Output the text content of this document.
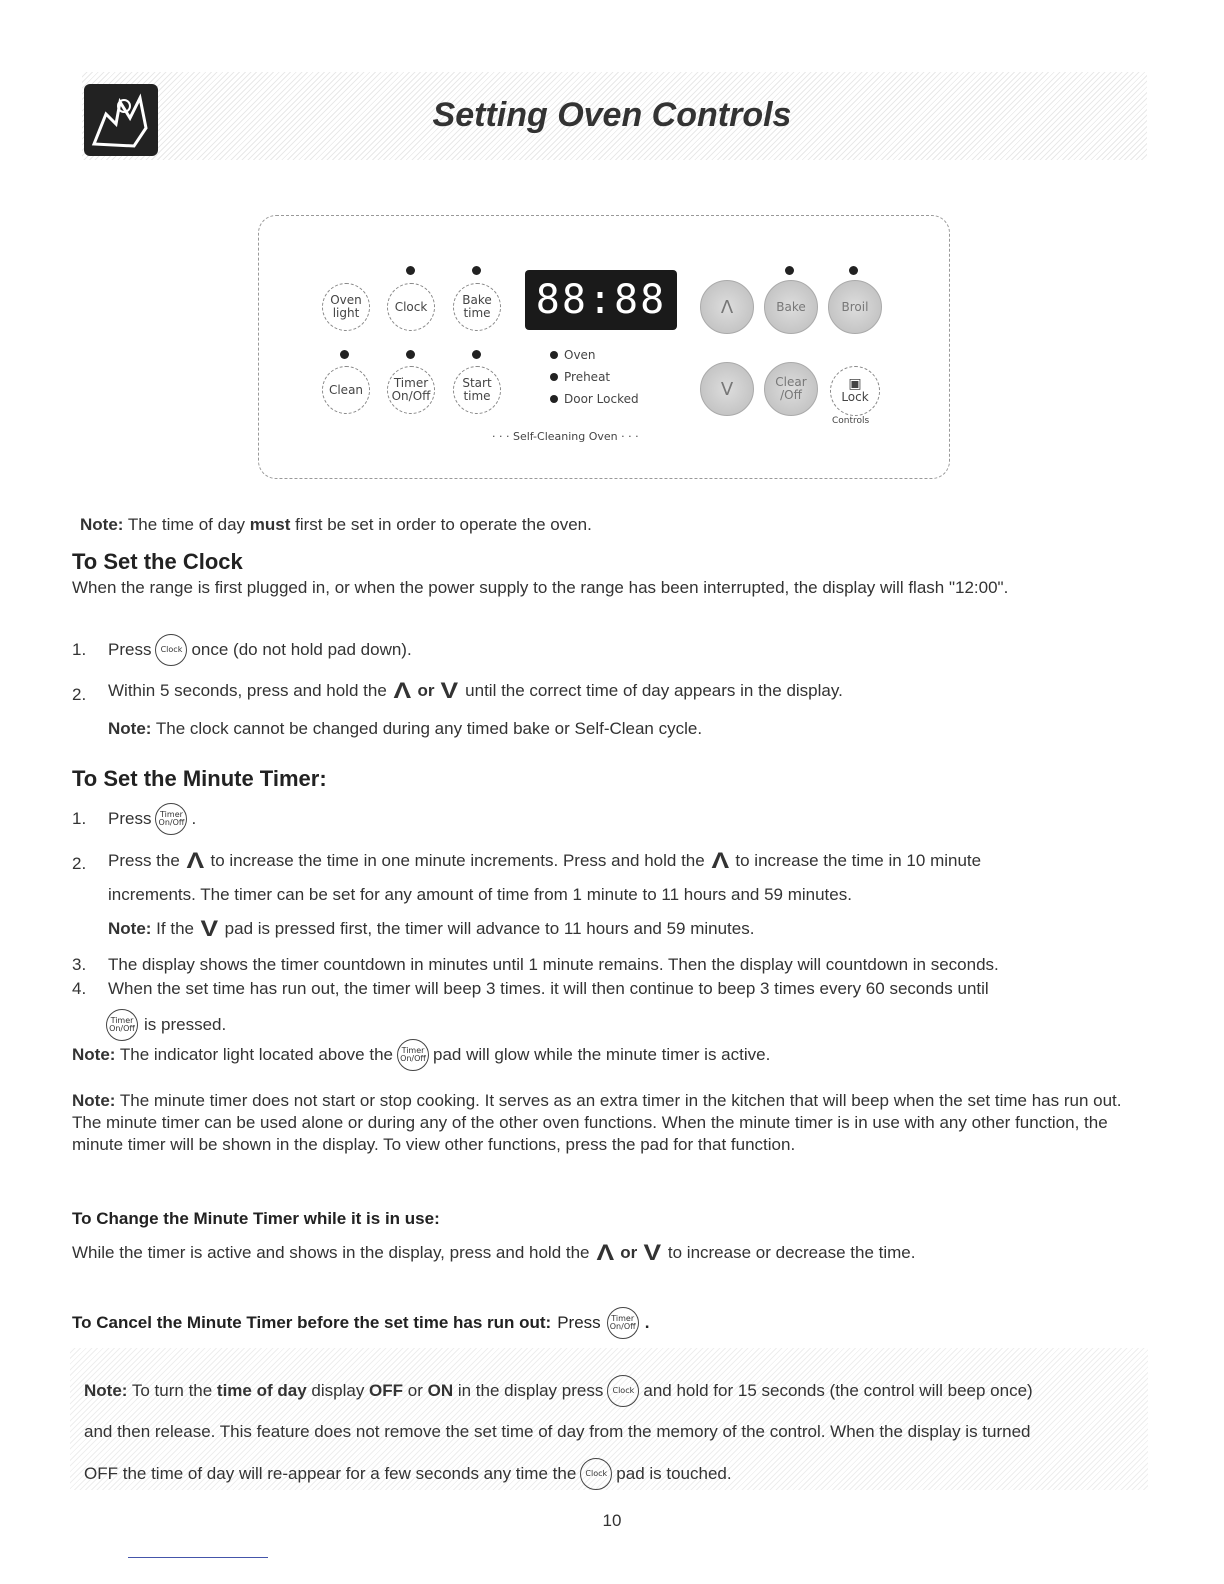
Setting Oven Controls
Oven light	Clock	Bake time
Clean	Timer On/Off
Start time
88:88
Oven
Preheat
Door Locked
· · · Self-Cleaning Oven · · ·
Λ	Bake	Broil
V	Clear /Off
▣
Lock
Controls
Note: The time of day must first be set in order to operate the oven.
To Set the Clock
When the range is first plugged in, or when the power supply to the range has been interrupted, the display will flash "12:00".
1. Press	Clock once (do not hold pad down).
2. Within 5 seconds, press and hold the Λ or V until the correct time of day appears in the display.
Note: The clock cannot be changed during any timed bake or Self-Clean cycle.
To Set the Minute Timer:
1. Press	Timer On/Off .
2. Press the Λ to increase the time in one minute increments. Press and hold the Λ to increase the time in 10 minute
increments. The timer can be set for any amount of time from 1 minute to 11 hours and 59 minutes.
Note: If the V pad is pressed first, the timer will advance to 11 hours and 59 minutes.
3. The display shows the timer countdown in minutes until 1 minute remains. Then the display will countdown in seconds.
4. When the set time has run out, the timer will beep 3 times. it will then continue to beep 3 times every 60 seconds until
Timer On/Off is pressed.
Note: The indicator light located above the	Timer On/Off pad will glow while the minute timer is active.
Note: The minute timer does not start or stop cooking. It serves as an extra timer in the kitchen that will beep when the set time has run out. The minute timer can be used alone or during any of the other oven functions. When the minute timer is in use with any other function, the minute timer will be shown in the display. To view other functions, press the pad for that function.
To Change the Minute Timer while it is in use:
While the timer is active and shows in the display, press and hold the Λ or V to increase or decrease the time.
To Cancel the Minute Timer before the set time has run out: Press	Timer On/Off .
Note: To turn the time of day display OFF or ON in the display press	Clock and hold for 15 seconds (the control will beep once)
and then release. This feature does not remove the set time of day from the memory of the control. When the display is turned
OFF the time of day will re-appear for a few seconds any time the	Clock pad is touched.
10
